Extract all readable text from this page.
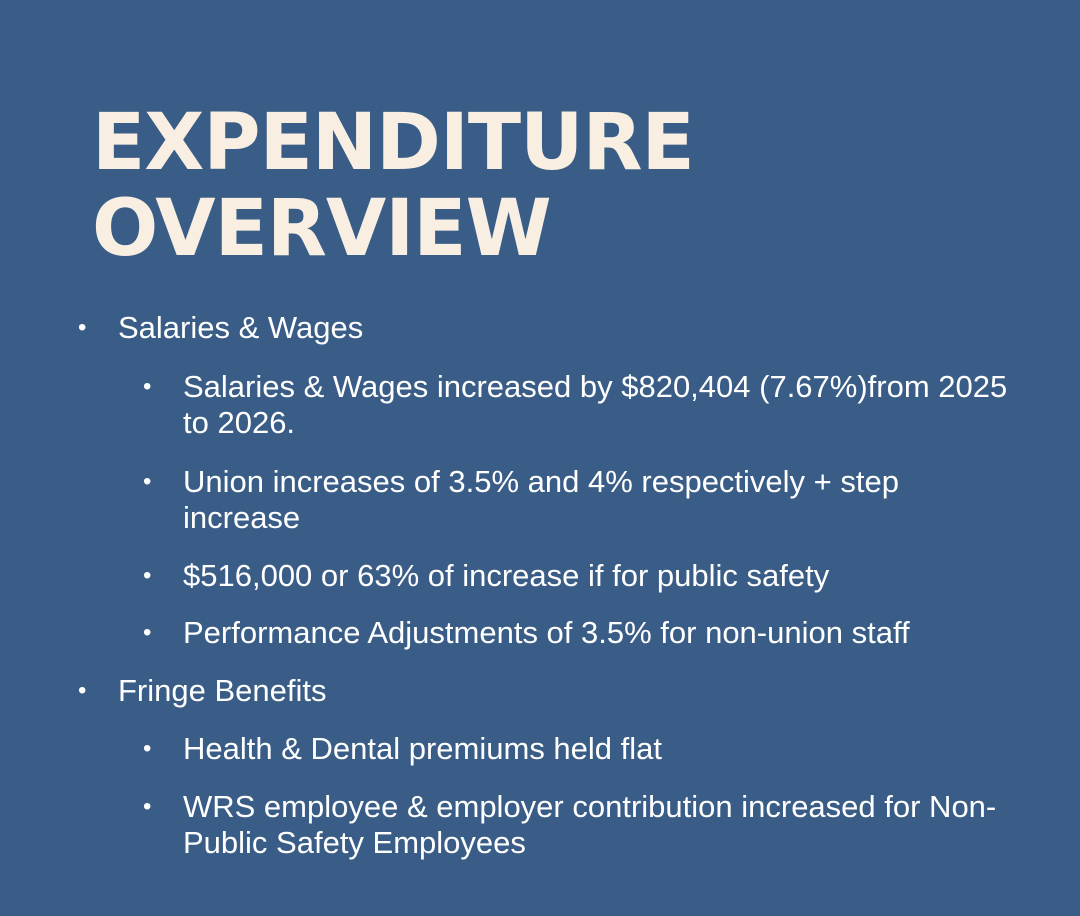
EXPENDITURE
OVERVIEW
• Salaries & Wages
• Salaries & Wages increased by $820,404 (7.67%)from 2025 to 2026.
• Union increases of 3.5% and 4% respectively + step increase
• $516,000 or 63% of increase if for public safety
• Performance Adjustments of 3.5% for non-union staff
• Fringe Benefits
• Health & Dental premiums held flat
• WRS employee & employer contribution increased for Non-Public Safety Employees
